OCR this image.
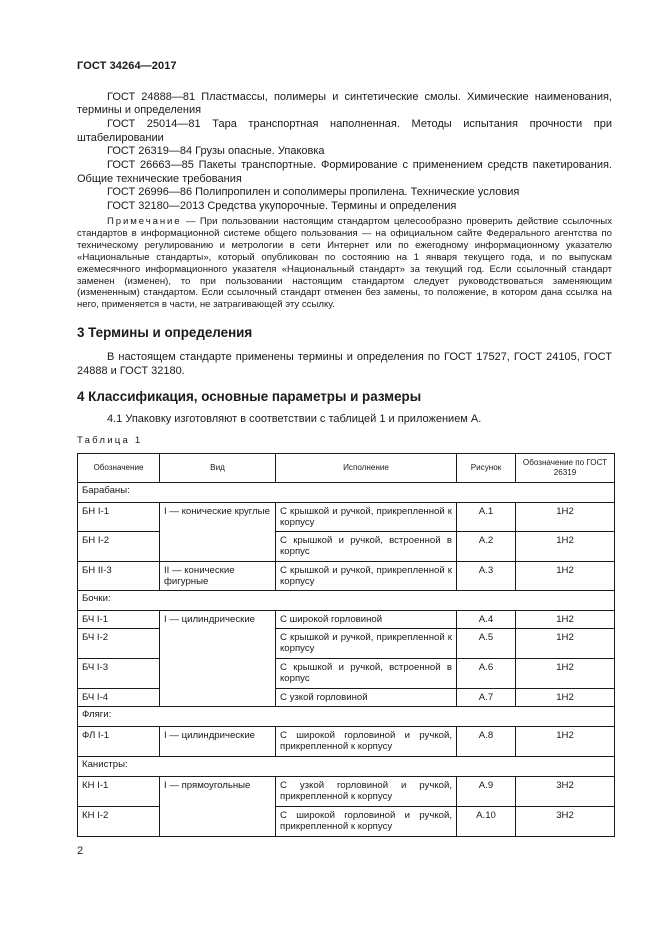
ГОСТ 34264—2017

ГОСТ 24888—81 Пластмассы, полимеры и синтетические смолы. Химические наименования, термины и определения

ГОСТ 25014—81 Тара транспортная наполненная. Методы испытания прочности при штабелировании

ГОСТ 26319—84 Грузы опасные. Упаковка

ГОСТ 26663—85 Пакеты транспортные. Формирование с применением средств пакетирования. Общие технические требования

ГОСТ 26996—86 Полипропилен и сополимеры пропилена. Технические условия

ГОСТ 32180—2013 Средства укупорочные. Термины и определения

Примечание — При пользовании настоящим стандартом целесообразно проверить действие ссылочных стандартов в информационной системе общего пользования — на официальном сайте Федерального агентства по техническому регулированию и метрологии в сети Интернет или по ежегодному информационному указателю «Национальные стандарты», который опубликован по состоянию на 1 января текущего года, и по выпускам ежемесячного информационного указателя «Национальный стандарт» за текущий год. Если ссылочный стандарт заменен (изменен), то при пользовании настоящим стандартом следует руководствоваться заменяющим (измененным) стандартом. Если ссылочный стандарт отменен без замены, то положение, в котором дана ссылка на него, применяется в части, не затрагивающей эту ссылку.
3 Термины и определения
В настоящем стандарте применены термины и определения по ГОСТ 17527, ГОСТ 24105, ГОСТ 24888 и ГОСТ 32180.
4 Классификация, основные параметры и размеры
4.1 Упаковку изготовляют в соответствии с таблицей 1 и приложением А.
Таблица 1
Обозначение	Вид	Исполнение	Рисунок	Обозначение по ГОСТ 26319
Барабаны:				
БН I-1	I — конические круглые	С крышкой и ручкой, прикрепленной к корпусу	А.1	1Н2
БН I-2		С крышкой и ручкой, встроенной в корпус	А.2	1Н2
БН II-3	II — конические фигурные	С крышкой и ручкой, прикрепленной к корпусу	А.3	1Н2
Бочки:				
БЧ I-1	I — цилиндрические	С широкой горловиной	А.4	1Н2
БЧ I-2		С крышкой и ручкой, прикрепленной к корпусу	А.5	1Н2
БЧ I-3		С крышкой и ручкой, встроенной в корпус	А.6	1Н2
БЧ I-4		С узкой горловиной	А.7	1Н2
Фляги:				
ФЛ I-1	I — цилиндрические	С широкой горловиной и ручкой, прикрепленной к корпусу	А.8	1Н2
Канистры:				
КН I-1	I — прямоугольные	С узкой горловиной и ручкой, прикрепленной к корпусу	А.9	3Н2
КН I-2		С широкой горловиной и ручкой, прикрепленной к корпусу	А.10	3Н2
2
